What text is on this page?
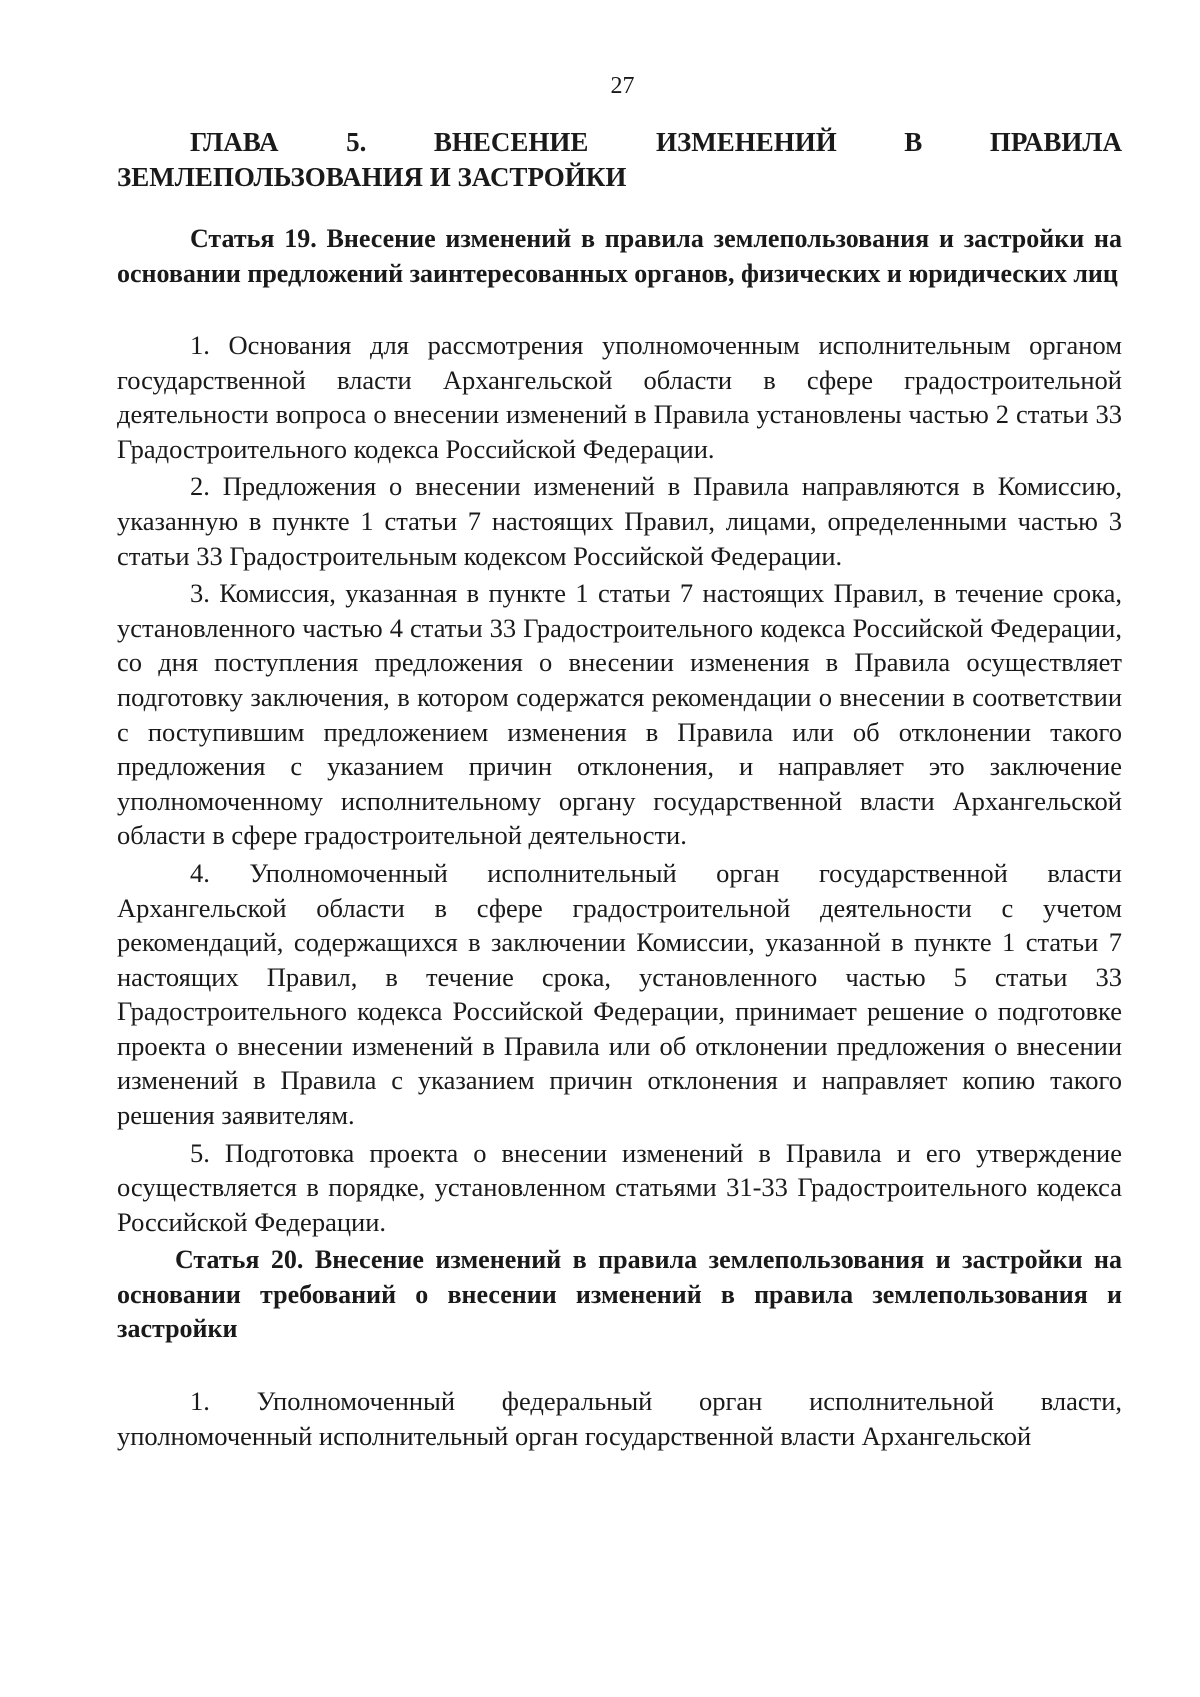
27

ГЛАВА 5. ВНЕСЕНИЕ ИЗМЕНЕНИЙ В ПРАВИЛА ЗЕМЛЕПОЛЬЗОВАНИЯ И ЗАСТРОЙКИ

Статья 19. Внесение изменений в правила землепользования и застройки на основании предложений заинтересованных органов, физических и юридических лиц

1. Основания для рассмотрения уполномоченным исполнительным органом государственной власти Архангельской области в сфере градостроительной деятельности вопроса о внесении изменений в Правила установлены частью 2 статьи 33 Градостроительного кодекса Российской Федерации.

2. Предложения о внесении изменений в Правила направляются в Комиссию, указанную в пункте 1 статьи 7 настоящих Правил, лицами, определенными частью 3 статьи 33 Градостроительным кодексом Российской Федерации.

3. Комиссия, указанная в пункте 1 статьи 7 настоящих Правил, в течение срока, установленного частью 4 статьи 33 Градостроительного кодекса Российской Федерации, со дня поступления предложения о внесении изменения в Правила осуществляет подготовку заключения, в котором содержатся рекомендации о внесении в соответствии с поступившим предложением изменения в Правила или об отклонении такого предложения с указанием причин отклонения, и направляет это заключение уполномоченному исполнительному органу государственной власти Архангельской области в сфере градостроительной деятельности.

4. Уполномоченный исполнительный орган государственной власти Архангельской области в сфере градостроительной деятельности с учетом рекомендаций, содержащихся в заключении Комиссии, указанной в пункте 1 статьи 7 настоящих Правил, в течение срока, установленного частью 5 статьи 33 Градостроительного кодекса Российской Федерации, принимает решение о подготовке проекта о внесении изменений в Правила или об отклонении предложения о внесении изменений в Правила с указанием причин отклонения и направляет копию такого решения заявителям.

5. Подготовка проекта о внесении изменений в Правила и его утверждение осуществляется в порядке, установленном статьями 31-33 Градостроительного кодекса Российской Федерации.

Статья 20. Внесение изменений в правила землепользования и застройки на основании требований о внесении изменений в правила землепользования и застройки

1. Уполномоченный федеральный орган исполнительной власти, уполномоченный исполнительный орган государственной власти Архангельской
